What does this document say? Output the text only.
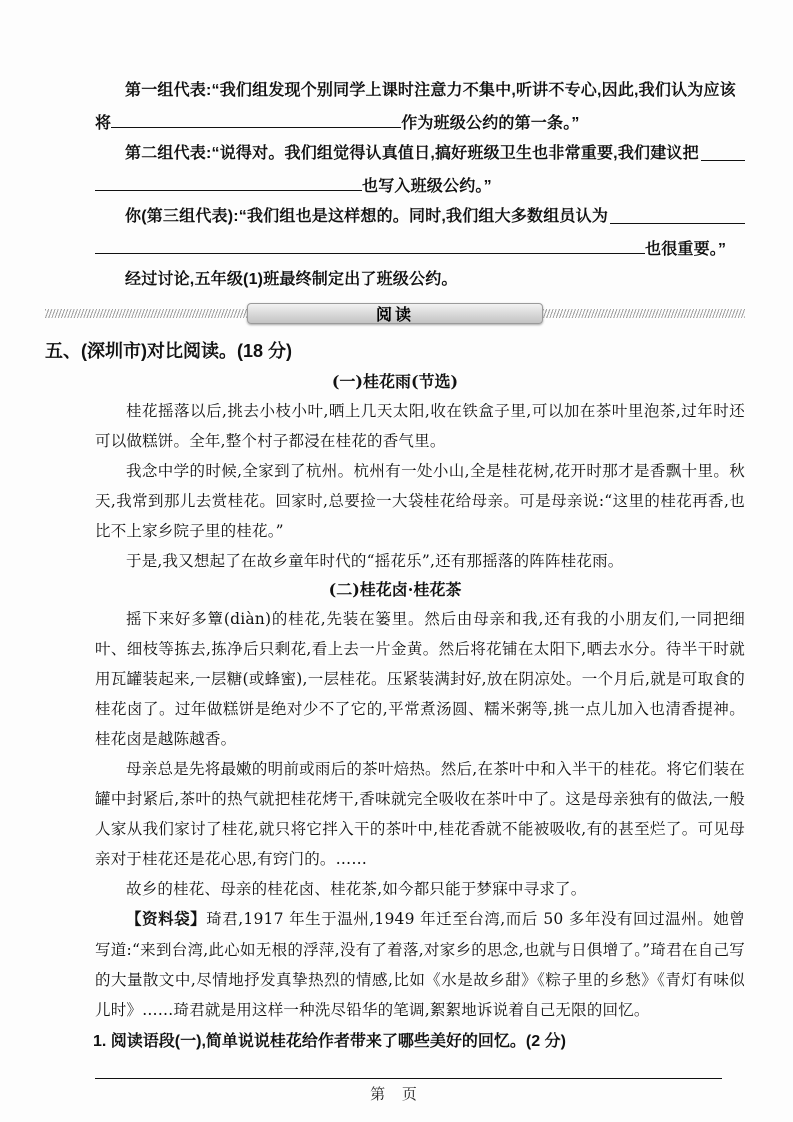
第一组代表:“我们组发现个别同学上课时注意力不集中,听讲不专心,因此,我们认为应该

将	作为班级公约的第一条。”

第二组代表:“说得对。我们组觉得认真值日,搞好班级卫生也非常重要,我们建议把

也写入班级公约。”

你(第三组代表):“我们组也是这样想的。同时,我们组大多数组员认为

也很重要。”

经过讨论,五年级(1)班最终制定出了班级公约。

阅读
五、(深圳市)对比阅读。(18 分)
(一)桂花雨(节选)

桂花摇落以后,挑去小枝小叶,晒上几天太阳,收在铁盒子里,可以加在茶叶里泡茶,过年时还可以做糕饼。全年,整个村子都浸在桂花的香气里。

我念中学的时候,全家到了杭州。杭州有一处小山,全是桂花树,花开时那才是香飘十里。秋天,我常到那儿去赏桂花。回家时,总要捡一大袋桂花给母亲。可是母亲说:“这里的桂花再香,也比不上家乡院子里的桂花。”

于是,我又想起了在故乡童年时代的“摇花乐”,还有那摇落的阵阵桂花雨。

(二)桂花卤·桂花茶

摇下来好多簟(diàn)的桂花,先装在篓里。然后由母亲和我,还有我的小朋友们,一同把细叶、细枝等拣去,拣净后只剩花,看上去一片金黄。然后将花铺在太阳下,晒去水分。待半干时就用瓦罐装起来,一层糖(或蜂蜜),一层桂花。压紧装满封好,放在阴凉处。一个月后,就是可取食的桂花卤了。过年做糕饼是绝对少不了它的,平常煮汤圆、糯米粥等,挑一点儿加入也清香提神。桂花卤是越陈越香。

母亲总是先将最嫩的明前或雨后的茶叶焙热。然后,在茶叶中和入半干的桂花。将它们装在罐中封紧后,茶叶的热气就把桂花烤干,香味就完全吸收在茶叶中了。这是母亲独有的做法,一般人家从我们家讨了桂花,就只将它拌入干的茶叶中,桂花香就不能被吸收,有的甚至烂了。可见母亲对于桂花还是花心思,有窍门的。……

故乡的桂花、母亲的桂花卤、桂花茶,如今都只能于梦寐中寻求了。

【资料袋】琦君,1917 年生于温州,1949 年迁至台湾,而后 50 多年没有回过温州。她曾写道:“来到台湾,此心如无根的浮萍,没有了着落,对家乡的思念,也就与日俱增了。”琦君在自己写的大量散文中,尽情地抒发真挚热烈的情感,比如《水是故乡甜》《粽子里的乡愁》《青灯有味似儿时》……琦君就是用这样一种洗尽铅华的笔调,絮絮地诉说着自己无限的回忆。

1. 阅读语段(一),简单说说桂花给作者带来了哪些美好的回忆。(2 分)

第 页
